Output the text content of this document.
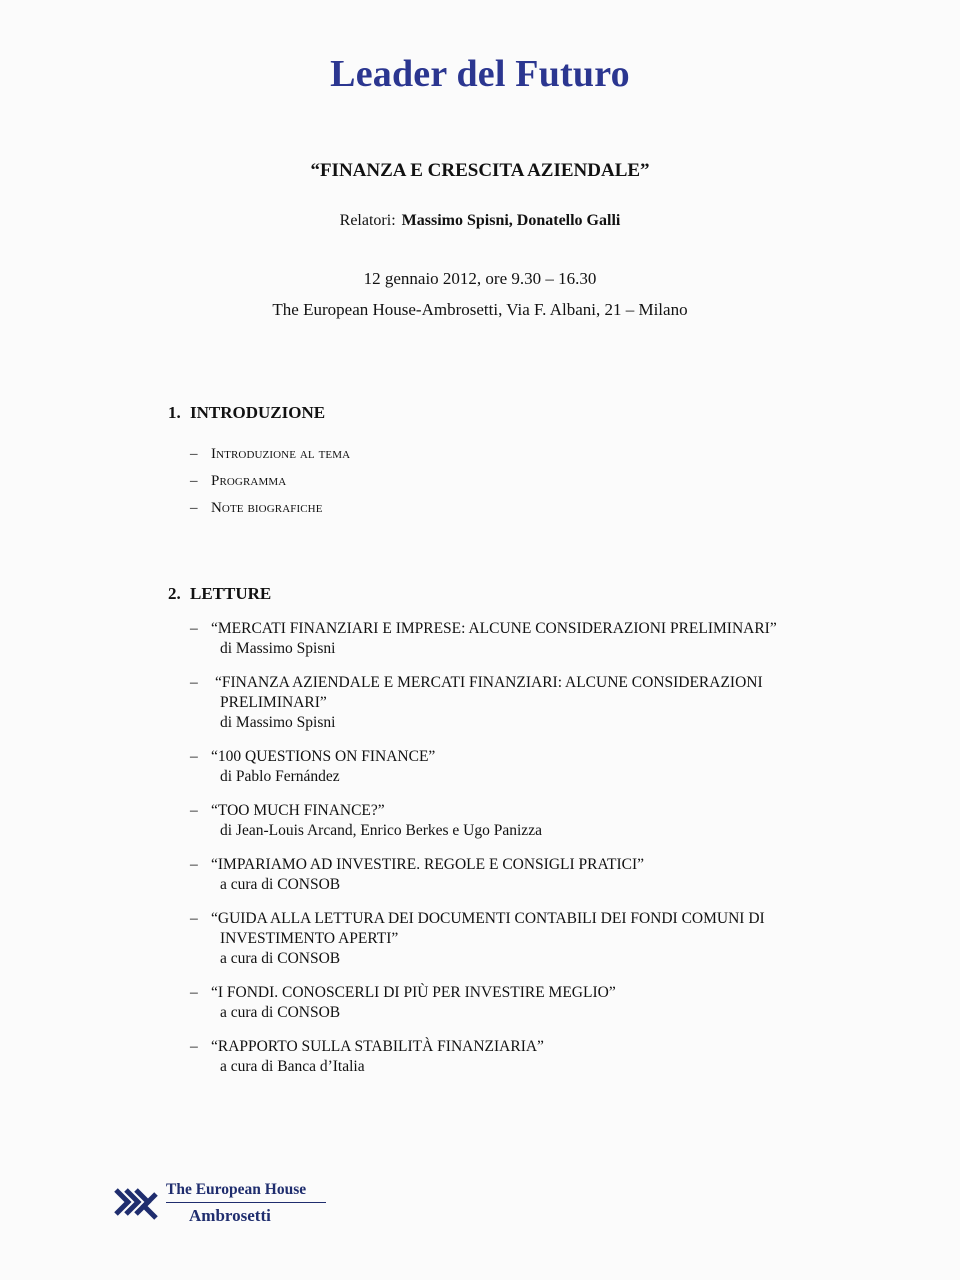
Leader del Futuro
“FINANZA E CRESCITA AZIENDALE”
Relatori: Massimo Spisni, Donatello Galli
12 gennaio 2012, ore 9.30 – 16.30
The European House-Ambrosetti, Via F. Albani, 21 – Milano
1. INTRODUZIONE
– Introduzione al tema
– Programma
– Note biografiche
2. LETTURE
– “MERCATI FINANZIARI E IMPRESE: ALCUNE CONSIDERAZIONI PRELIMINARI”
di Massimo Spisni
–	“FINANZA AZIENDALE E MERCATI FINANZIARI: ALCUNE CONSIDERAZIONI PRELIMINARI”
di Massimo Spisni
– “100 QUESTIONS ON FINANCE”
di Pablo Fernández
– “TOO MUCH FINANCE?”
di Jean-Louis Arcand, Enrico Berkes e Ugo Panizza
– “IMPARIAMO AD INVESTIRE. REGOLE E CONSIGLI PRATICI”
a cura di CONSOB
– “GUIDA ALLA LETTURA DEI DOCUMENTI CONTABILI DEI FONDI COMUNI DI INVESTIMENTO APERTI”
a cura di CONSOB
– “I FONDI. CONOSCERLI DI PIÙ PER INVESTIRE MEGLIO”
a cura di CONSOB
– “RAPPORTO SULLA STABILITÀ FINANZIARIA”
a cura di Banca d’Italia
The European House
Ambrosetti
